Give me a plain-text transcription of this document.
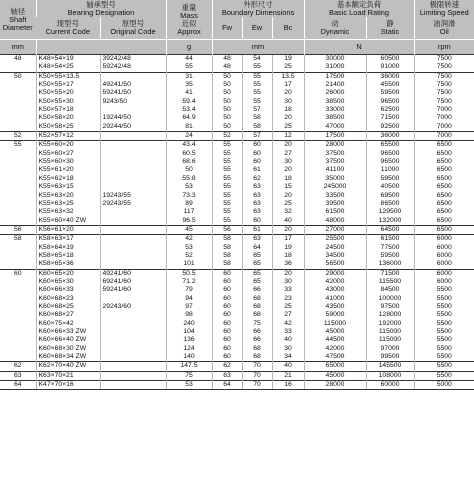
轴径
Shaft
Diameter	轴承型号
Bearing Designation		重量
Mass
近似
Approx	外形尺寸
Boundary Dimensions			基本额定负荷
Basic Load Rating		极限转速
Limiting Speed

	现型号
Current Code	原型号
Original Code		Fw	Ew	Bc	动
Dynamic	静
Static	油润滑
Oil

mm			g	mm			N		rpm
48	K48×54×19	39242/48	44	48	54	19	30000	60500	7500
	K48×54×25	59242/48	55	48	55	25	31000	91000	7500
50	K50×55×13.5		31	50	55	13.5	17500	36000	7500
	K50×55×17	49241/50	35	50	55	17	21400	45500	7500
	K50×55×20	59241/50	41	50	55	20	26000	59500	7500
	K50×55×30	9243/50	59.4	50	55	30	38500	96500	7500
	K50×57×18		53.4	50	57	18	33000	62500	7000
	K50×58×20	19244/50	64.9	50	58	20	38500	71500	7000
	K50×58×25	29244/50	81	50	58	25	47000	92500	7000
52	K52×57×12		24	52	57	12	17500	36000	7000
55	K55×60×20		43.4	55	60	20	28000	65500	6500
	K55×60×27		60.5	55	60	27	37500	96500	6500
	K55×60×30		68.6	55	60	30	37500	96500	6500
	K55×61×20		50	55	61	20	41100	11000	6500
	K55×62×18		55.8	55	62	18	35000	59500	6500
	K55×63×15		53	55	63	15	245000	40500	6500
	K55×63×20	19243/55	73.3	55	63	20	33500	69500	6500
	K55×63×25	29243/55	89	55	63	25	39500	86500	6500
	K55×63×32		117	55	63	32	61500	129500	6500
	K55×60×40 ZW		96.5	55	60	40	48000	132000	6500
56	K56×61×20		45	56	61	20	27000	64500	6500
58	K58×63×17		42	58	63	17	25500	61500	6000
	K58×64×19		53	58	64	19	24500	77500	6000
	K58×65×18		52	58	65	18	34500	59500	6000
	K58×65×36		101	58	65	36	56500	136000	6000
60	K60×65×20	49241/60	50.5	60	65	20	29000	71500	6000
	K60×65×30	69241/60	71.2	60	65	30	42000	115500	6000
	K60×66×33	59241/60	79	60	66	33	43000	84500	5500
	K60×68×23		94	60	68	23	41000	100000	5500
	K60×68×25	29243/60	97	60	68	25	43500	97500	5500
	K60×68×27		98	60	68	27	59000	128000	5500
	K60×75×42		240	60	75	42	115000	192000	5500
	K60×66×33 ZW		104	60	66	33	45000	115000	5500
	K60×66×40 ZW		136	60	66	40	44500	115000	5500
	K60×68×30 ZW		124	60	68	30	42000	97000	5500
	K60×68×34 ZW		140	60	68	34	47500	99500	5500
62	K62×70×40 ZW		147.5	62	70	40	65000	145500	5500
63	K63×70×21		75	63	70	21	45000	108000	5500
64	K47×70×16		53	64	70	16	28000	60000	5000
